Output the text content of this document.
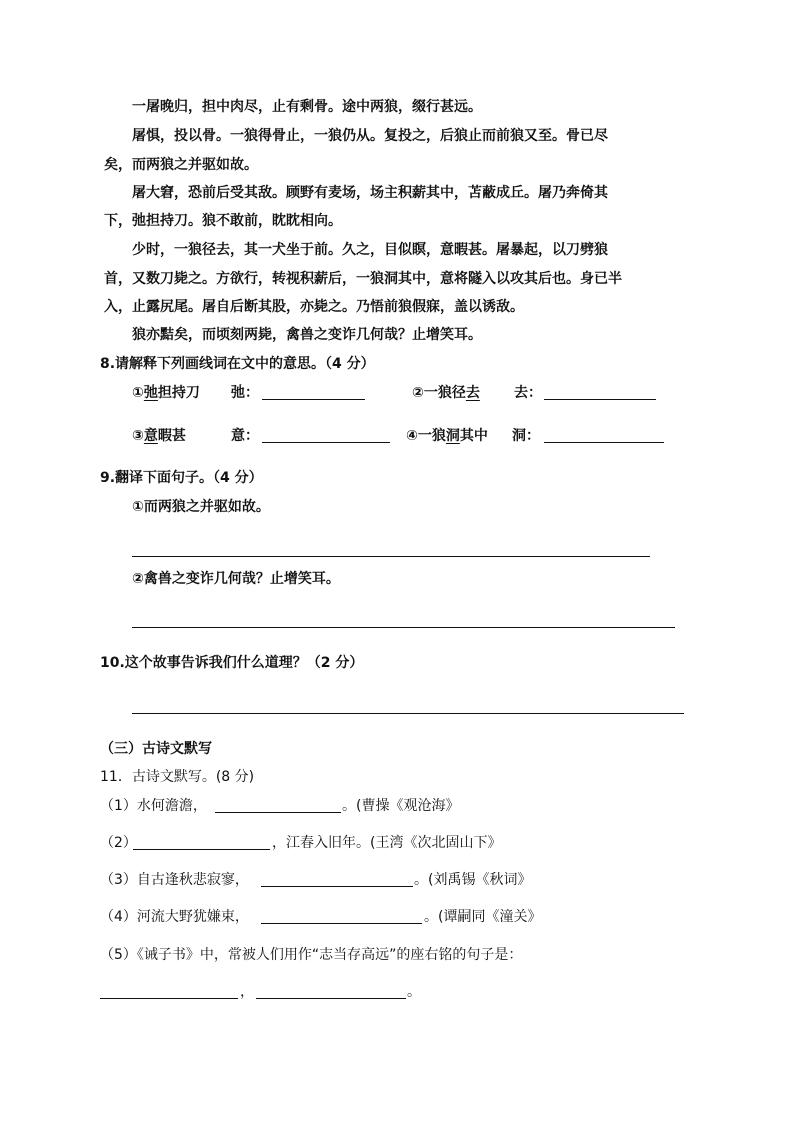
一屠晚归，担中肉尽，止有剩骨。途中两狼，缀行甚远。
屠惧，投以骨。一狼得骨止，一狼仍从。复投之，后狼止而前狼又至。骨已尽
矣，而两狼之并驱如故。
屠大窘，恐前后受其敌。顾野有麦场，场主积薪其中，苫蔽成丘。屠乃奔倚其
下，弛担持刀。狼不敢前，眈眈相向。
少时，一狼径去，其一犬坐于前。久之，目似瞑，意暇甚。屠暴起，以刀劈狼
首，又数刀毙之。方欲行，转视积薪后，一狼洞其中，意将隧入以攻其后也。身已半
入，止露尻尾。屠自后断其股，亦毙之。乃悟前狼假寐，盖以诱敌。
狼亦黠矣，而顷刻两毙，禽兽之变诈几何哉？止增笑耳。
8.请解释下列画线词在文中的意思。（4 分）
①弛担持刀 弛：	②一狼径去 去：
③意暇甚	意：	④一狼洞其中 洞：
9.翻译下面句子。（4 分）
①而两狼之并驱如故。
②禽兽之变诈几何哉？止增笑耳。
10.这个故事告诉我们什么道理？（2 分）
（三）古诗文默写
11．古诗文默写。(8 分)
（1）水何澹澹，	。(曹操《观沧海》
（2）	，江春入旧年。(王湾《次北固山下》
（3）自古逢秋悲寂寥，	。(刘禹锡《秋词》
（4）河流大野犹嫌束，	。(谭嗣同《潼关》
（5）《诫子书》中，常被人们用作“志当存高远”的座右铭的句子是：
，	。
